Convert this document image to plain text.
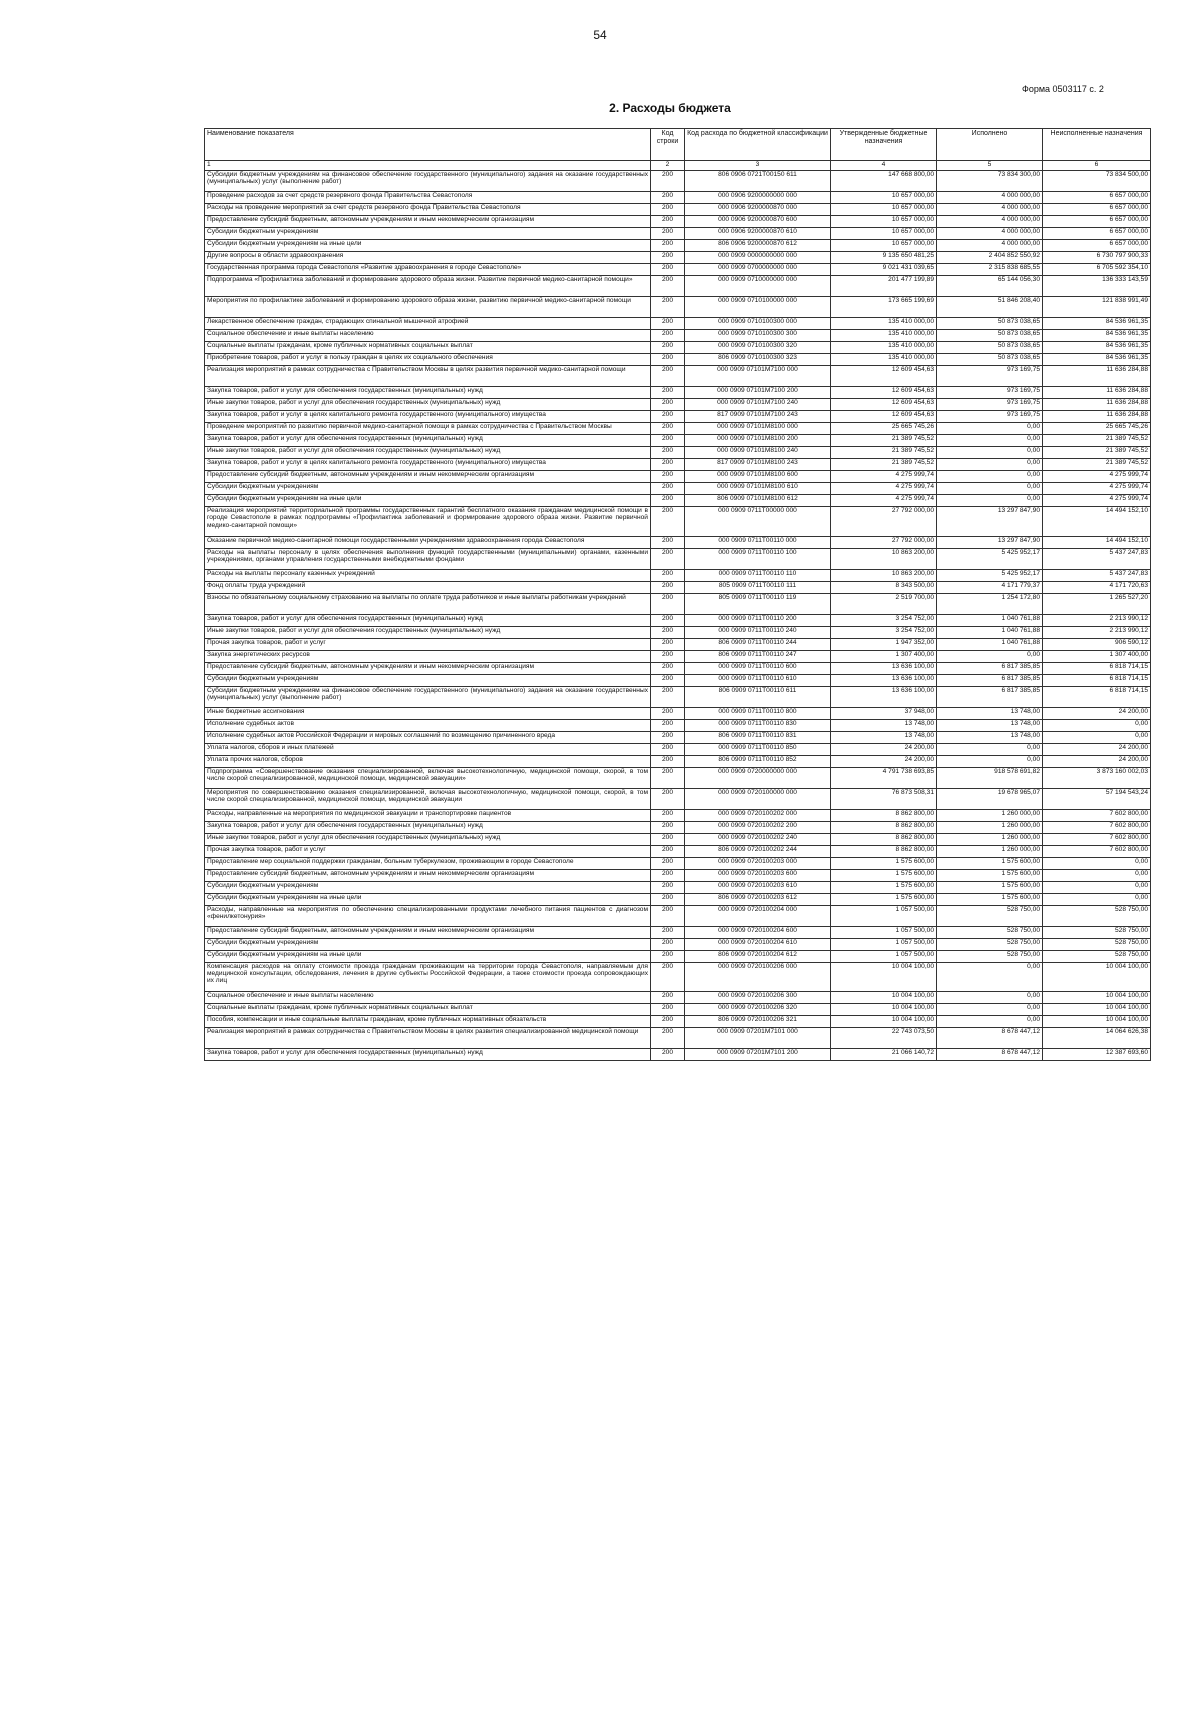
54
Форма 0503117 с. 2
2. Расходы бюджета
Наименование показателя	Код строки	Код расхода по бюджетной классификации	Утвержденные бюджетные назначения	Исполнено	Неисполненные назначения
1	2	3	4	5	6
Субсидии бюджетным учреждениям на финансовое обеспечение государственного (муниципального) задания на оказание государственных (муниципальных) услуг (выполнение работ)	200	806 0906 0721Т00150 611	147 668 800,00	73 834 300,00	73 834 500,00
Проведение расходов за счет средств резервного фонда Правительства Севастополя	200	000 0906 9200000000 000	10 657 000,00	4 000 000,00	6 657 000,00
Расходы на проведение мероприятий за счет средств резервного фонда Правительства Севастополя	200	000 0906 9200000870 000	10 657 000,00	4 000 000,00	6 657 000,00
Предоставление субсидий бюджетным, автономным учреждениям и иным некоммерческим организациям	200	000 0906 9200000870 600	10 657 000,00	4 000 000,00	6 657 000,00
Субсидии бюджетным учреждениям	200	000 0906 9200000870 610	10 657 000,00	4 000 000,00	6 657 000,00
Субсидии бюджетным учреждениям на иные цели	200	806 0906 9200000870 612	10 657 000,00	4 000 000,00	6 657 000,00
Другие вопросы в области здравоохранения	200	000 0909 0000000000 000	9 135 650 481,25	2 404 852 550,92	6 730 797 900,33
Государственная программа города Севастополя «Развитие здравоохранения в городе Севастополе»	200	000 0909 0700000000 000	9 021 431 039,65	2 315 838 685,55	6 705 592 354,10
Подпрограмма «Профилактика заболеваний и формирование здорового образа жизни. Развитие первичной медико-санитарной помощи»	200	000 0909 0710000000 000	201 477 199,89	65 144 056,30	136 333 143,59
Мероприятия по профилактике заболеваний и формированию здорового образа жизни, развитию первичной медико-санитарной помощи	200	000 0909 0710100000 000	173 665 199,69	51 846 208,40	121 838 991,49
Лекарственное обеспечение граждан, страдающих спинальной мышечной атрофией	200	000 0909 0710100300 000	135 410 000,00	50 873 038,65	84 536 961,35
Социальное обеспечение и иные выплаты населению	200	000 0909 0710100300 300	135 410 000,00	50 873 038,65	84 536 961,35
Социальные выплаты гражданам, кроме публичных нормативных социальных выплат	200	000 0909 0710100300 320	135 410 000,00	50 873 038,65	84 536 961,35
Приобретение товаров, работ и услуг в пользу граждан в целях их социального обеспечения	200	806 0909 0710100300 323	135 410 000,00	50 873 038,65	84 536 961,35
Реализация мероприятий в рамках сотрудничества с Правительством Москвы в целях развития первичной медико-санитарной помощи	200	000 0909 07101M7100 000	12 609 454,63	973 169,75	11 636 284,88
Закупка товаров, работ и услуг для обеспечения государственных (муниципальных) нужд	200	000 0909 07101M7100 200	12 609 454,63	973 169,75	11 636 284,88
Иные закупки товаров, работ и услуг для обеспечения государственных (муниципальных) нужд	200	000 0909 07101M7100 240	12 609 454,63	973 169,75	11 636 284,88
Закупка товаров, работ и услуг в целях капитального ремонта государственного (муниципального) имущества	200	817 0909 07101M7100 243	12 609 454,63	973 169,75	11 636 284,88
Проведение мероприятий по развитию первичной медико-санитарной помощи в рамках сотрудничества с Правительством Москвы	200	000 0909 07101M8100 000	25 665 745,26	0,00	25 665 745,26
Закупка товаров, работ и услуг для обеспечения государственных (муниципальных) нужд	200	000 0909 07101M8100 200	21 389 745,52	0,00	21 389 745,52
Иные закупки товаров, работ и услуг для обеспечения государственных (муниципальных) нужд	200	000 0909 07101M8100 240	21 389 745,52	0,00	21 389 745,52
Закупка товаров, работ и услуг в целях капитального ремонта государственного (муниципального) имущества	200	817 0909 07101M8100 243	21 389 745,52	0,00	21 389 745,52
Предоставление субсидий бюджетным, автономным учреждениям и иным некоммерческим организациям	200	000 0909 07101M8100 600	4 275 999,74	0,00	4 275 999,74
Субсидии бюджетным учреждениям	200	000 0909 07101M8100 610	4 275 999,74	0,00	4 275 999,74
Субсидии бюджетным учреждениям на иные цели	200	806 0909 07101M8100 612	4 275 999,74	0,00	4 275 999,74
Реализация мероприятий территориальной программы государственных гарантий бесплатного оказания гражданам медицинской помощи в городе Севастополе в рамках подпрограммы «Профилактика заболеваний и формирование здорового образа жизни. Развитие первичной медико-санитарной помощи»	200	000 0909 0711T00000 000	27 792 000,00	13 297 847,90	14 494 152,10
Оказание первичной медико-санитарной помощи государственными учреждениями здравоохранения города Севастополя	200	000 0909 0711T00110 000	27 792 000,00	13 297 847,90	14 494 152,10
Расходы на выплаты персоналу в целях обеспечения выполнения функций государственными (муниципальными) органами, казенными учреждениями, органами управления государственными внебюджетными фондами	200	000 0909 0711T00110 100	10 863 200,00	5 425 952,17	5 437 247,83
Расходы на выплаты персоналу казенных учреждений	200	000 0909 0711T00110 110	10 863 200,00	5 425 952,17	5 437 247,83
Фонд оплаты труда учреждений	200	805 0909 0711T00110 111	8 343 500,00	4 171 779,37	4 171 720,63
Взносы по обязательному социальному страхованию на выплаты по оплате труда работников и иные выплаты работникам учреждений	200	805 0909 0711T00110 119	2 519 700,00	1 254 172,80	1 265 527,20
Закупка товаров, работ и услуг для обеспечения государственных (муниципальных) нужд	200	000 0909 0711T00110 200	3 254 752,00	1 040 761,88	2 213 990,12
Иные закупки товаров, работ и услуг для обеспечения государственных (муниципальных) нужд	200	000 0909 0711T00110 240	3 254 752,00	1 040 761,88	2 213 990,12
Прочая закупка товаров, работ и услуг	200	806 0909 0711T00110 244	1 947 352,00	1 040 761,88	906 590,12
Закупка энергетических ресурсов	200	806 0909 0711T00110 247	1 307 400,00	0,00	1 307 400,00
Предоставление субсидий бюджетным, автономным учреждениям и иным некоммерческим организациям	200	000 0909 0711T00110 600	13 636 100,00	6 817 385,85	6 818 714,15
Субсидии бюджетным учреждениям	200	000 0909 0711T00110 610	13 636 100,00	6 817 385,85	6 818 714,15
Субсидии бюджетным учреждениям на финансовое обеспечение государственного (муниципального) задания на оказание государственных (муниципальных) услуг (выполнение работ)	200	806 0909 0711T00110 611	13 636 100,00	6 817 385,85	6 818 714,15
Иные бюджетные ассигнования	200	000 0909 0711T00110 800	37 948,00	13 748,00	24 200,00
Исполнение судебных актов	200	000 0909 0711T00110 830	13 748,00	13 748,00	0,00
Исполнение судебных актов Российской Федерации и мировых соглашений по возмещению причиненного вреда	200	806 0909 0711T00110 831	13 748,00	13 748,00	0,00
Уплата налогов, сборов и иных платежей	200	000 0909 0711T00110 850	24 200,00	0,00	24 200,00
Уплата прочих налогов, сборов	200	806 0909 0711T00110 852	24 200,00	0,00	24 200,00
Подпрограмма «Совершенствование оказания специализированной, включая высокотехнологичную, медицинской помощи, скорой, в том числе скорой специализированной, медицинской помощи, медицинской эвакуации»	200	000 0909 0720000000 000	4 791 738 693,85	918 578 691,82	3 873 160 002,03
Мероприятия по совершенствованию оказания специализированной, включая высокотехнологичную, медицинской помощи, скорой, в том числе скорой специализированной, медицинской помощи, медицинской эвакуации	200	000 0909 0720100000 000	76 873 508,31	19 678 965,07	57 194 543,24
Расходы, направленные на мероприятия по медицинской эвакуации и транспортировке пациентов	200	000 0909 0720100202 000	8 862 800,00	1 260 000,00	7 602 800,00
Закупка товаров, работ и услуг для обеспечения государственных (муниципальных) нужд	200	000 0909 0720100202 200	8 862 800,00	1 260 000,00	7 602 800,00
Иные закупки товаров, работ и услуг для обеспечения государственных (муниципальных) нужд	200	000 0909 0720100202 240	8 862 800,00	1 260 000,00	7 602 800,00
Прочая закупка товаров, работ и услуг	200	806 0909 0720100202 244	8 862 800,00	1 260 000,00	7 602 800,00
Предоставление мер социальной поддержки гражданам, больным туберкулезом, проживающим в городе Севастополе	200	000 0909 0720100203 000	1 575 600,00	1 575 600,00	0,00
Предоставление субсидий бюджетным, автономным учреждениям и иным некоммерческим организациям	200	000 0909 0720100203 600	1 575 600,00	1 575 600,00	0,00
Субсидии бюджетным учреждениям	200	000 0909 0720100203 610	1 575 600,00	1 575 600,00	0,00
Субсидии бюджетным учреждениям на иные цели	200	806 0909 0720100203 612	1 575 600,00	1 575 600,00	0,00
Расходы, направленные на мероприятия по обеспечению специализированными продуктами лечебного питания пациентов с диагнозом «фенилкетонурия»	200	000 0909 0720100204 000	1 057 500,00	528 750,00	528 750,00
Предоставление субсидий бюджетным, автономным учреждениям и иным некоммерческим организациям	200	000 0909 0720100204 600	1 057 500,00	528 750,00	528 750,00
Субсидии бюджетным учреждениям	200	000 0909 0720100204 610	1 057 500,00	528 750,00	528 750,00
Субсидии бюджетным учреждениям на иные цели	200	806 0909 0720100204 612	1 057 500,00	528 750,00	528 750,00
Компенсация расходов на оплату стоимости проезда гражданам проживающим на территории города Севастополя, направляемым для медицинской консультации, обследования, лечения в другие субъекты Российской Федерации, а также стоимости проезда сопровождающих их лиц	200	000 0909 0720100206 000	10 004 100,00	0,00	10 004 100,00
Социальное обеспечение и иные выплаты населению	200	000 0909 0720100206 300	10 004 100,00	0,00	10 004 100,00
Социальные выплаты гражданам, кроме публичных нормативных социальных выплат	200	000 0909 0720100206 320	10 004 100,00	0,00	10 004 100,00
Пособия, компенсации и иные социальные выплаты гражданам, кроме публичных нормативных обязательств	200	806 0909 0720100206 321	10 004 100,00	0,00	10 004 100,00
Реализация мероприятий в рамках сотрудничества с Правительством Москвы в целях развития специализированной медицинской помощи	200	000 0909 07201M7101 000	22 743 073,50	8 678 447,12	14 064 626,38
Закупка товаров, работ и услуг для обеспечения государственных (муниципальных) нужд	200	000 0909 07201M7101 200	21 066 140,72	8 678 447,12	12 387 693,60
